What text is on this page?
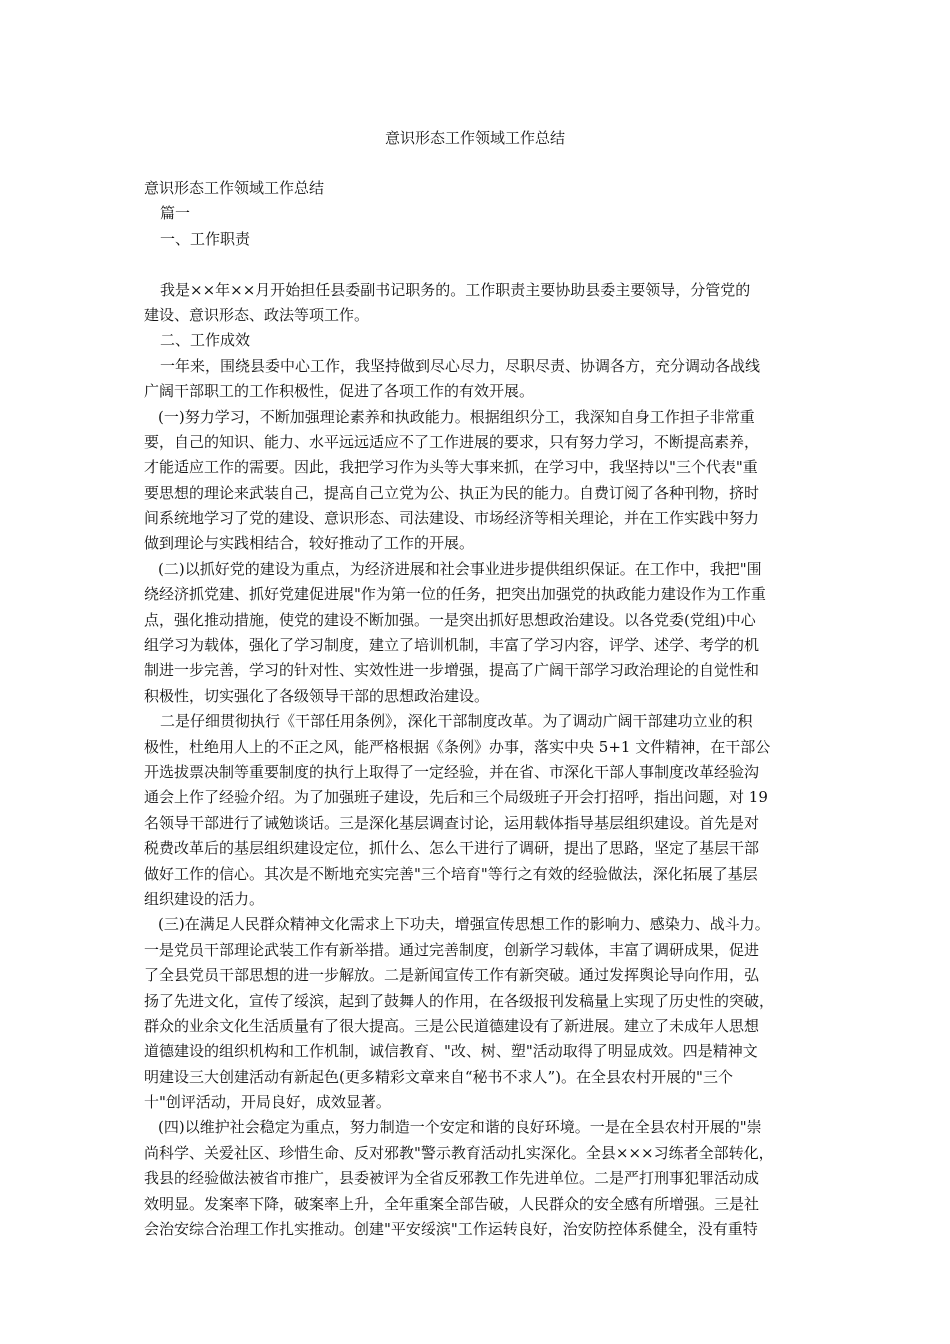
意识形态工作领域工作总结
意识形态工作领域工作总结
篇一
一、工作职责
我是××年××月开始担任县委副书记职务的。工作职责主要协助县委主要领导，分管党的
建设、意识形态、政法等项工作。
二、工作成效
一年来，围绕县委中心工作，我坚持做到尽心尽力，尽职尽责、协调各方，充分调动各战线
广阔干部职工的工作积极性，促进了各项工作的有效开展。
(一)努力学习，不断加强理论素养和执政能力。根据组织分工，我深知自身工作担子非常重
要，自己的知识、能力、水平远远适应不了工作进展的要求，只有努力学习，不断提高素养，
才能适应工作的需要。因此，我把学习作为头等大事来抓，在学习中，我坚持以"三个代表"重
要思想的理论来武装自己，提高自己立党为公、执正为民的能力。自费订阅了各种刊物，挤时
间系统地学习了党的建设、意识形态、司法建设、市场经济等相关理论，并在工作实践中努力
做到理论与实践相结合，较好推动了工作的开展。
(二)以抓好党的建设为重点，为经济进展和社会事业进步提供组织保证。在工作中，我把"围
绕经济抓党建、抓好党建促进展"作为第一位的任务，把突出加强党的执政能力建设作为工作重
点，强化推动措施，使党的建设不断加强。一是突出抓好思想政治建设。以各党委(党组)中心
组学习为载体，强化了学习制度，建立了培训机制，丰富了学习内容，评学、述学、考学的机
制进一步完善，学习的针对性、实效性进一步增强，提高了广阔干部学习政治理论的自觉性和
积极性，切实强化了各级领导干部的思想政治建设。
二是仔细贯彻执行《干部任用条例》，深化干部制度改革。为了调动广阔干部建功立业的积
极性，杜绝用人上的不正之风，能严格根据《条例》办事，落实中央 5+1 文件精神，在干部公
开选拔票决制等重要制度的执行上取得了一定经验，并在省、市深化干部人事制度改革经验沟
通会上作了经验介绍。为了加强班子建设，先后和三个局级班子开会打招呼，指出问题，对 19
名领导干部进行了诫勉谈话。三是深化基层调查讨论，运用载体指导基层组织建设。首先是对
税费改革后的基层组织建设定位，抓什么、怎么干进行了调研，提出了思路，坚定了基层干部
做好工作的信心。其次是不断地充实完善"三个培育"等行之有效的经验做法，深化拓展了基层
组织建设的活力。
(三)在满足人民群众精神文化需求上下功夫，增强宣传思想工作的影响力、感染力、战斗力。
一是党员干部理论武装工作有新举措。通过完善制度，创新学习载体，丰富了调研成果，促进
了全县党员干部思想的进一步解放。二是新闻宣传工作有新突破。通过发挥舆论导向作用，弘
扬了先进文化，宣传了绥滨，起到了鼓舞人的作用，在各级报刊发稿量上实现了历史性的突破，
群众的业余文化生活质量有了很大提高。三是公民道德建设有了新进展。建立了未成年人思想
道德建设的组织机构和工作机制，诚信教育、"改、树、塑"活动取得了明显成效。四是精神文
明建设三大创建活动有新起色(更多精彩文章来自“秘书不求人”)。在全县农村开展的"三个
十"创评活动，开局良好，成效显著。
(四)以维护社会稳定为重点，努力制造一个安定和谐的良好环境。一是在全县农村开展的"崇
尚科学、关爱社区、珍惜生命、反对邪教"警示教育活动扎实深化。全县×××习练者全部转化，
我县的经验做法被省市推广，县委被评为全省反邪教工作先进单位。二是严打刑事犯罪活动成
效明显。发案率下降，破案率上升，全年重案全部告破，人民群众的安全感有所增强。三是社
会治安综合治理工作扎实推动。创建"平安绥滨"工作运转良好，治安防控体系健全，没有重特
